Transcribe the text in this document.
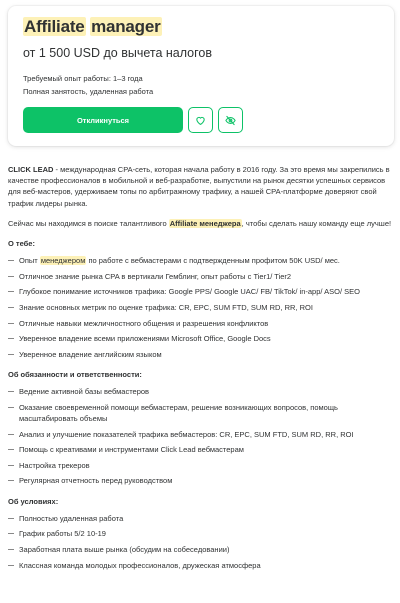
Affiliate manager
от 1 500 USD до вычета налогов
Требуемый опыт работы: 1–3 года
Полная занятость, удаленная работа
Откликнуться

CLICK LEAD - международная CPA-сеть, которая начала работу в 2016 году. За это время мы закрепились в качестве профессионалов в мобильной и веб-разработке, выпустили на рынок десятки успешных сервисов для веб-мастеров, удерживаем топы по арбитражному трафику, а нашей CPA-платформе доверяют свой трафик лидеры рынка.

Сейчас мы находимся в поиске талантливого Affiliate менеджера, чтобы сделать нашу команду еще лучше!

О тебе:
Опыт менеджером по работе с вебмастерами с подтвержденным профитом 50K USD/ мес.
Отличное знание рынка CPA в вертикали Гемблинг, опыт работы с Tier1/ Tier2
Глубокое понимание источников трафика: Google PPS/ Google UAC/ FB/ TikTok/ in-app/ ASO/ SEO
Знание основных метрик по оценке трафика: CR, EPC, SUM FTD, SUM RD, RR, ROI
Отличные навыки межличностного общения и разрешения конфликтов
Уверенное владение всеми приложениями Microsoft Office, Google Docs
Уверенное владение английским языком
Об обязанности и ответственности:
Ведение активной базы вебмастеров
Оказание своевременной помощи вебмастерам, решение возникающих вопросов, помощь масштабировать объемы
Анализ и улучшение показателей трафика вебмастеров: CR, EPC, SUM FTD, SUM RD, RR, ROI
Помощь с креативами и инструментами Click Lead вебмастерам
Настройка трекеров
Регулярная отчетность перед руководством
Об условиях:
Полностью удаленная работа
График работы 5/2 10-19
Заработная плата выше рынка (обсудим на собеседовании)
Классная команда молодых профессионалов, дружеская атмосфера
